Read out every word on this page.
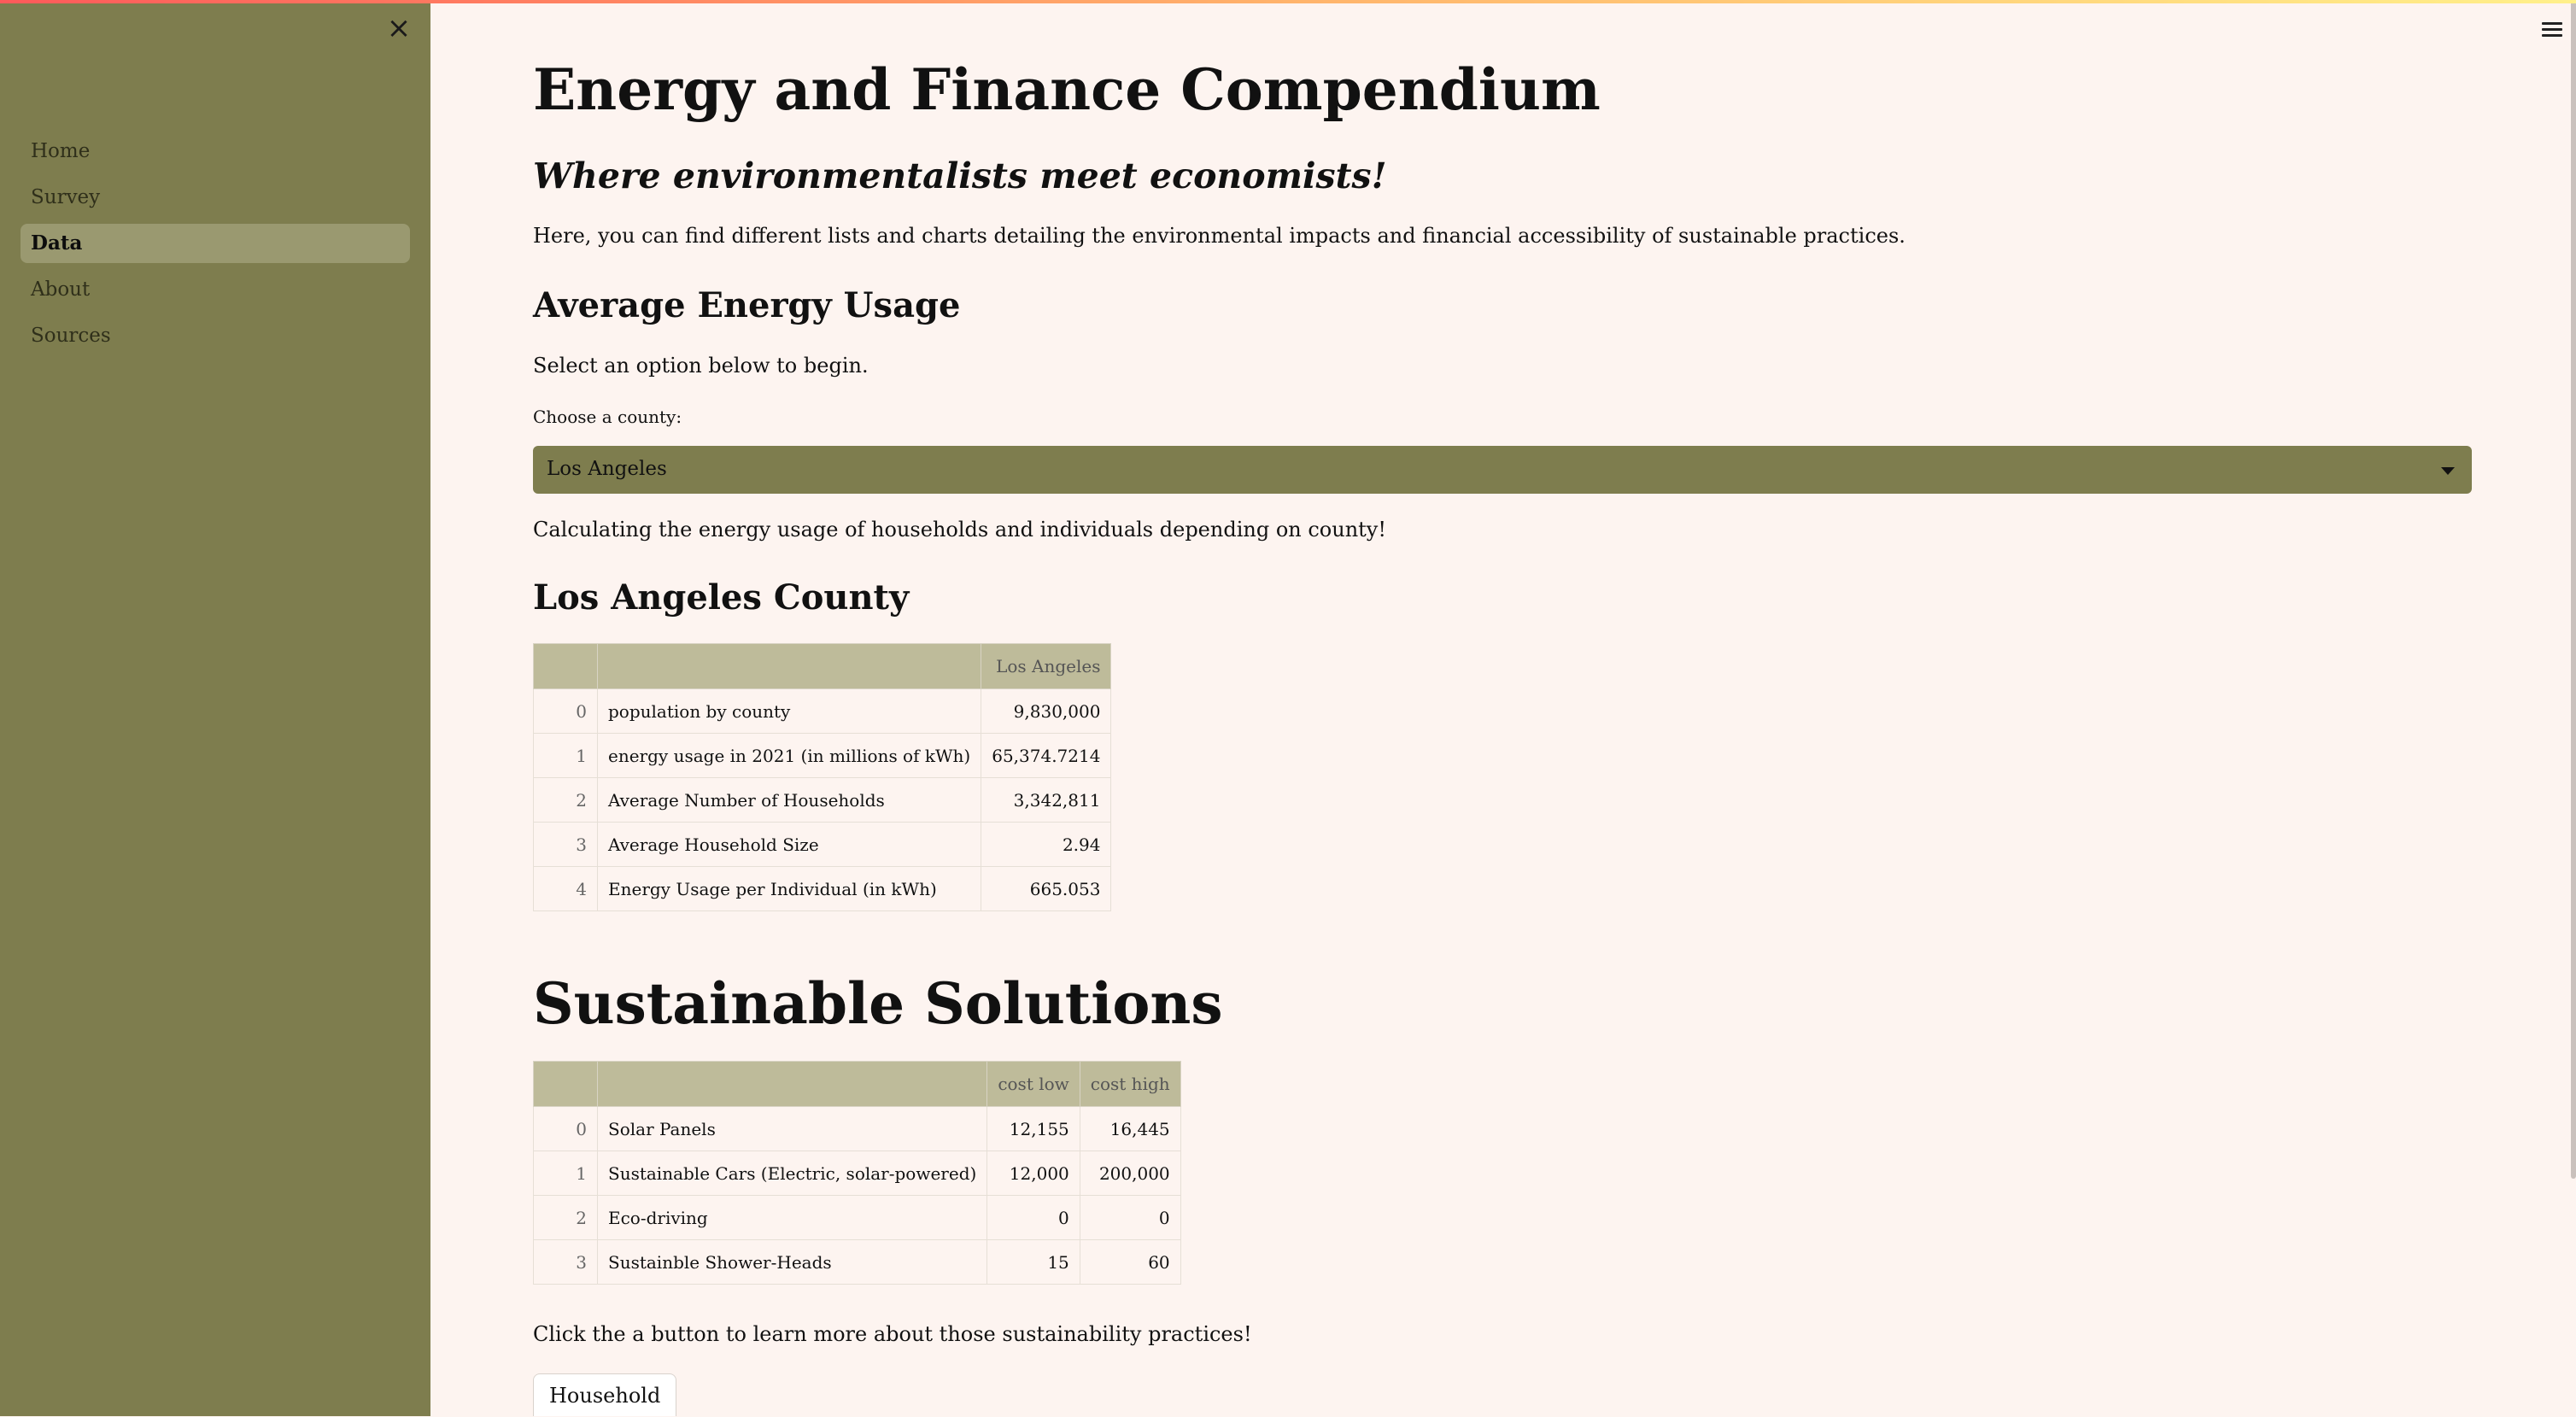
×
Home
Survey
Data
About
Sources
Energy and Finance Compendium
Where environmentalists meet economists!
Here, you can find different lists and charts detailing the environmental impacts and financial accessibility of sustainable practices.
Average Energy Usage
Select an option below to begin.
Choose a county:
Los Angeles
Calculating the energy usage of households and individuals depending on county!
Los Angeles County
		Los Angeles
0	population by county	9,830,000
1	energy usage in 2021 (in millions of kWh)	65,374.7214
2	Average Number of Households	3,342,811
3	Average Household Size	2.94
4	Energy Usage per Individual (in kWh)	665.053
Sustainable Solutions
		cost low	cost high
0	Solar Panels	12,155	16,445
1	Sustainable Cars (Electric, solar-powered)	12,000	200,000
2	Eco-driving	0	0
3	Sustainble Shower-Heads	15	60
Click the a button to learn more about those sustainability practices!
Household
